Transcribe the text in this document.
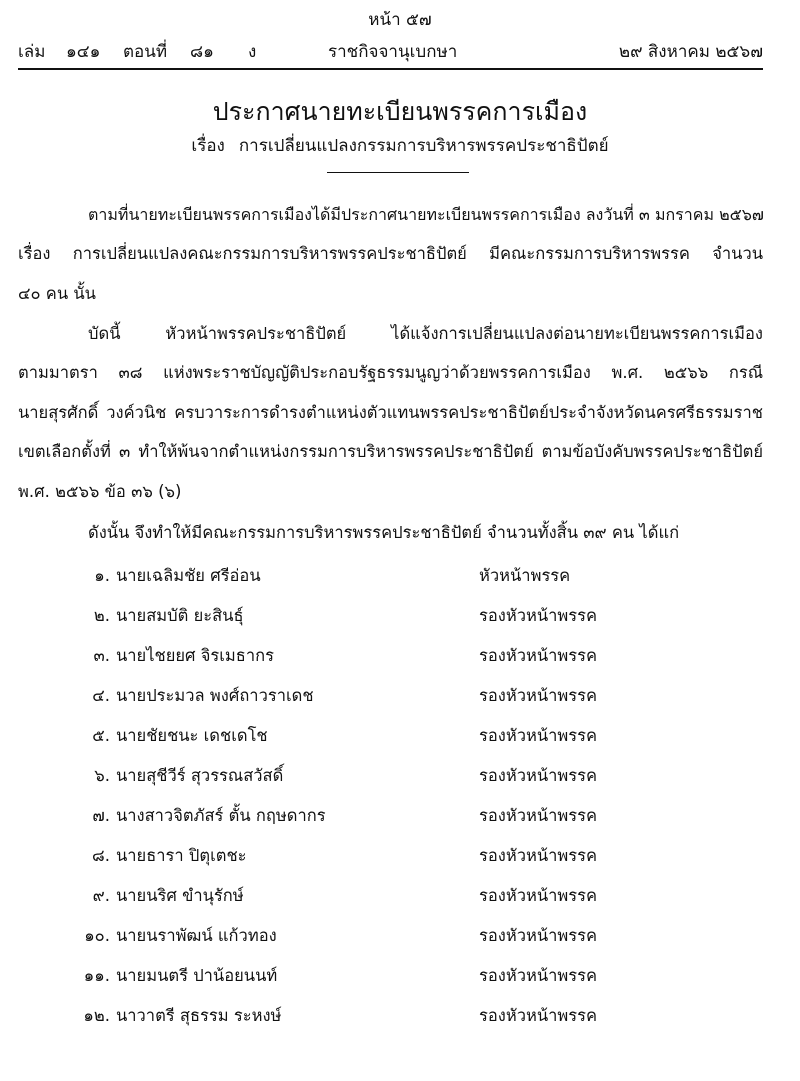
หน้า ๕๗
เล่ม ๑๔๑ ตอนที่ ๘๑ ง	ราชกิจจานุเบกษา	๒๙ สิงหาคม ๒๕๖๗
ประกาศนายทะเบียนพรรคการเมือง
เรื่อง การเปลี่ยนแปลงกรรมการบริหารพรรคประชาธิปัตย์
ตามที่นายทะเบียนพรรคการเมืองได้มีประกาศนายทะเบียนพรรคการเมือง ลงวันที่ ๓ มกราคม ๒๕๖๗
เรื่อง การเปลี่ยนแปลงคณะกรรมการบริหารพรรคประชาธิปัตย์ มีคณะกรรมการบริหารพรรค จำนวน
๔๐ คน นั้น
บัดนี้ หัวหน้าพรรคประชาธิปัตย์ ได้แจ้งการเปลี่ยนแปลงต่อนายทะเบียนพรรคการเมือง
ตามมาตรา ๓๘ แห่งพระราชบัญญัติประกอบรัฐธรรมนูญว่าด้วยพรรคการเมือง พ.ศ. ๒๕๖๖ กรณี
นายสุรศักดิ์ วงค์วนิช ครบวาระการดำรงตำแหน่งตัวแทนพรรคประชาธิปัตย์ประจำจังหวัดนครศรีธรรมราช
เขตเลือกตั้งที่ ๓ ทำให้พ้นจากตำแหน่งกรรมการบริหารพรรคประชาธิปัตย์ ตามข้อบังคับพรรคประชาธิปัตย์
พ.ศ. ๒๕๖๖ ข้อ ๓๖ (๖)
ดังนั้น จึงทำให้มีคณะกรรมการบริหารพรรคประชาธิปัตย์ จำนวนทั้งสิ้น ๓๙ คน ได้แก่
๑. นายเฉลิมชัย ศรีอ่อน	หัวหน้าพรรค
๒. นายสมบัติ ยะสินธุ์	รองหัวหน้าพรรค
๓. นายไชยยศ จิรเมธากร	รองหัวหน้าพรรค
๔. นายประมวล พงศ์ถาวราเดช	รองหัวหน้าพรรค
๕. นายชัยชนะ เดชเดโช	รองหัวหน้าพรรค
๖. นายสุชีวีร์ สุวรรณสวัสดิ์	รองหัวหน้าพรรค
๗. นางสาวจิตภัสร์ ตั้น กฤษดากร	รองหัวหน้าพรรค
๘. นายธารา ปิตุเตชะ	รองหัวหน้าพรรค
๙. นายนริศ ขำนุรักษ์	รองหัวหน้าพรรค
๑๐. นายนราพัฒน์ แก้วทอง	รองหัวหน้าพรรค
๑๑. นายมนตรี ปาน้อยนนท์	รองหัวหน้าพรรค
๑๒. นาวาตรี สุธรรม ระหงษ์	รองหัวหน้าพรรค
